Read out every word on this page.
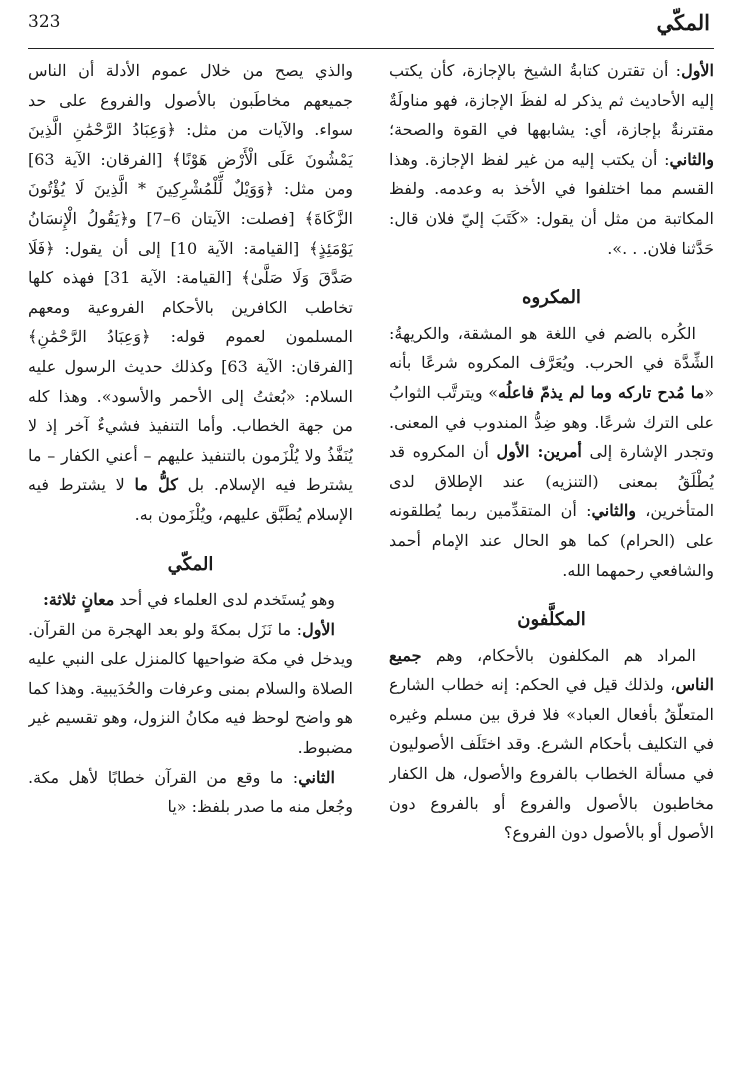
323	المكّي

الأول: أن تقترن كتابةُ الشيخ بالإجازة، كأن يكتب إليه الأحاديث ثم يذكر له لفظَ الإجازة، فهو مناولَةٌ مقترنةٌ بإجازة، أي: يشابهها في القوة والصحة؛ والثاني: أن يكتب إليه من غير لفظ الإجازة. وهذا القسم مما اختلفوا في الأخذ به وعدمه. ولفظ المكاتبة من مثل أن يقول: «كَتَبَ إليّ فلان قال: حَدَّثنا فلان. . .».

المكروه

الكُره بالضم في اللغة هو المشقة، والكريهةُ: الشِّدَّة في الحرب. ويُعَرَّف المكروه شرعًا بأنه «ما مُدح تاركه وما لم يذمّ فاعلُه» ويترتَّب الثوابُ على الترك شرعًا. وهو ضِدُّ المندوب في المعنى. وتجدر الإشارة إلى أمرين: الأول أن المكروه قد يُطْلَقُ بمعنى (التنزيه) عند الإطلاق لدى المتأخرين، والثاني: أن المتقدِّمين ربما يُطلقونه على (الحرام) كما هو الحال عند الإمام أحمد والشافعي رحمهما الله.

المكلَّفون

المراد هم المكلفون بالأحكام، وهم جميع الناس، ولذلك قيل في الحكم: إنه خطاب الشارع المتعلّقُ بأفعال العباد» فلا فرق بين مسلم وغيره في التكليف بأحكام الشرع. وقد اختَلَف الأصوليون في مسألة الخطاب بالفروع والأصول، هل الكفار مخاطبون بالأصول والفروع أو بالفروع دون الأصول أو بالأصول دون الفروع؟

والذي يصح من خلال عموم الأدلة أن الناس جميعهم مخاطَبون بالأصول والفروع على حد سواء. والآيات من مثل: ﴿وَعِبَادُ الرَّحْمَٰنِ الَّذِينَ يَمْشُونَ عَلَى الْأَرْضِ هَوْنًا﴾ [الفرقان: الآية 63] ومن مثل: ﴿وَوَيْلٌ لِّلْمُشْرِكِينَ * الَّذِينَ لَا يُؤْتُونَ الزَّكَاةَ﴾ [فصلت: الآيتان 6–7] و﴿يَقُولُ الْإِنسَانُ يَوْمَئِذٍ﴾ [القيامة: الآية 10] إلى أن يقول: ﴿فَلَا صَدَّقَ وَلَا صَلَّىٰ﴾ [القيامة: الآية 31] فهذه كلها تخاطب الكافرين بالأحكام الفروعية ومعهم المسلمون لعموم قوله: ﴿وَعِبَادُ الرَّحْمَٰنِ﴾ [الفرقان: الآية 63] وكذلك حديث الرسول عليه السلام: «بُعثتُ إلى الأحمر والأسود». وهذا كله من جهة الخطاب. وأما التنفيذ فشيءٌ آخر إذ لا يُنَفَّذُ ولا يُلْزَمون بالتنفيذ عليهم – أعني الكفار – ما يشترط فيه الإسلام. بل كلُّ ما لا يشترط فيه الإسلام يُطَبَّق عليهم، ويُلْزَمون به.

المكّي

وهو يُستَخدم لدى العلماء في أحد معانٍ ثلاثة:

الأول: ما نَزَل بمكةَ ولو بعد الهجرة من القرآن. ويدخل في مكة ضواحيها كالمنزل على النبي عليه الصلاة والسلام بمنى وعرفات والحُدَيبية. وهذا كما هو واضح لوحظ فيه مكانُ النزول، وهو تقسيم غير مضبوط.

الثاني: ما وقع من القرآن خطابًا لأهل مكة. وجُعل منه ما صدر بلفظ: «يا
